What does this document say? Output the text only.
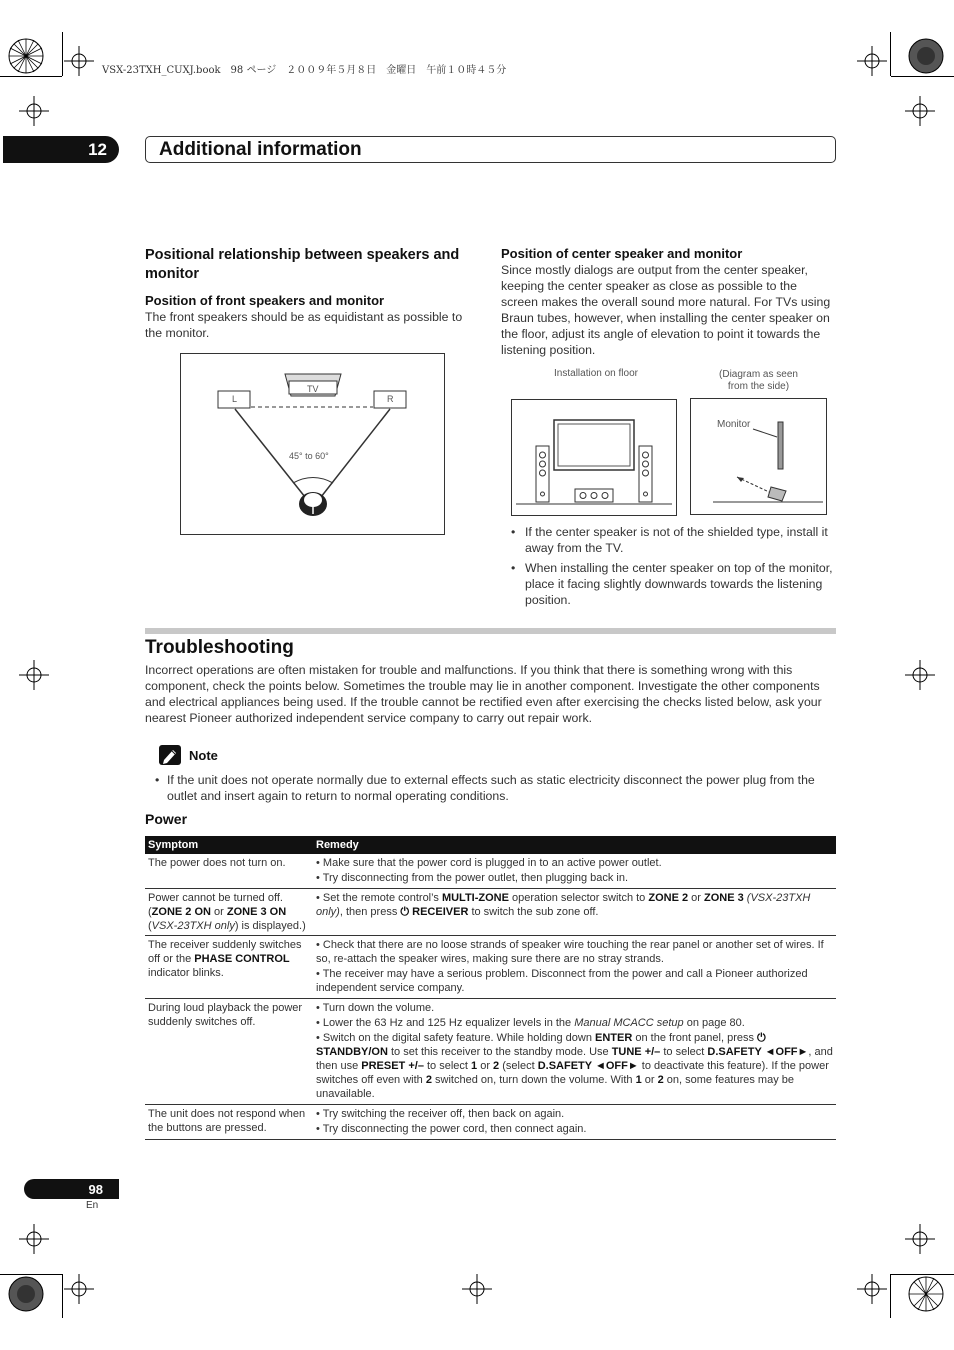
VSX-23TXH_CUXJ.book　98 ページ　２００９年５月８日　金曜日　午前１０時４５分
12	Additional information
Positional relationship between speakers and monitor
Position of front speakers and monitor
The front speakers should be as equidistant as possible to the monitor.
TV
L	R
45° to 60°
Position of center speaker and monitor
Since mostly dialogs are output from the center speaker, keeping the center speaker as close as possible to the screen makes the overall sound more natural. For TVs using Braun tubes, however, when installing the center speaker on the floor, adjust its angle of elevation to point it towards the listening position.
Installation on floor	(Diagram as seen
from the side)
Monitor
• If the center speaker is not of the shielded type, install it away from the TV.
• When installing the center speaker on top of the monitor, place it facing slightly downwards towards the listening position.
Troubleshooting
Incorrect operations are often mistaken for trouble and malfunctions. If you think that there is something wrong with this component, check the points below. Sometimes the trouble may lie in another component. Investigate the other components and electrical appliances being used. If the trouble cannot be rectified even after exercising the checks listed below, ask your nearest Pioneer authorized independent service company to carry out repair work.
Note
• If the unit does not operate normally due to external effects such as static electricity disconnect the power plug from the outlet and insert again to return to normal operating conditions.
Power
Symptom	Remedy
The power does not turn on.	• Make sure that the power cord is plugged in to an active power outlet.
• Try disconnecting from the power outlet, then plugging back in.

Power cannot be turned off. (ZONE 2 ON or ZONE 3 ON (VSX-23TXH only) is displayed.)	• Set the remote control’s MULTI-ZONE operation selector switch to ZONE 2 or ZONE 3 (VSX-23TXH only), then press ⏻ RECEIVER to switch the sub zone off.
The receiver suddenly switches off or the PHASE CONTROL indicator blinks.	• Check that there are no loose strands of speaker wire touching the rear panel or another set of wires. If so, re-attach the speaker wires, making sure there are no stray strands.
• The receiver may have a serious problem. Disconnect from the power and call a Pioneer authorized independent service company.

During loud playback the power suddenly switches off.	• Turn down the volume.
• Lower the 63 Hz and 125 Hz equalizer levels in the Manual MCACC setup on page 80.
• Switch on the digital safety feature. While holding down ENTER on the front panel, press ⏻ STANDBY/ON to set this receiver to the standby mode. Use TUNE +/– to select D.SAFETY ◄OFF►, and then use PRESET +/– to select 1 or 2 (select D.SAFETY ◄OFF► to deactivate this feature). If the power switches off even with 2 switched on, turn down the volume. With 1 or 2 on, some features may be unavailable.

The unit does not respond when the buttons are pressed.	• Try switching the receiver off, then back on again.
• Try disconnecting the power cord, then connect again.
98
En
